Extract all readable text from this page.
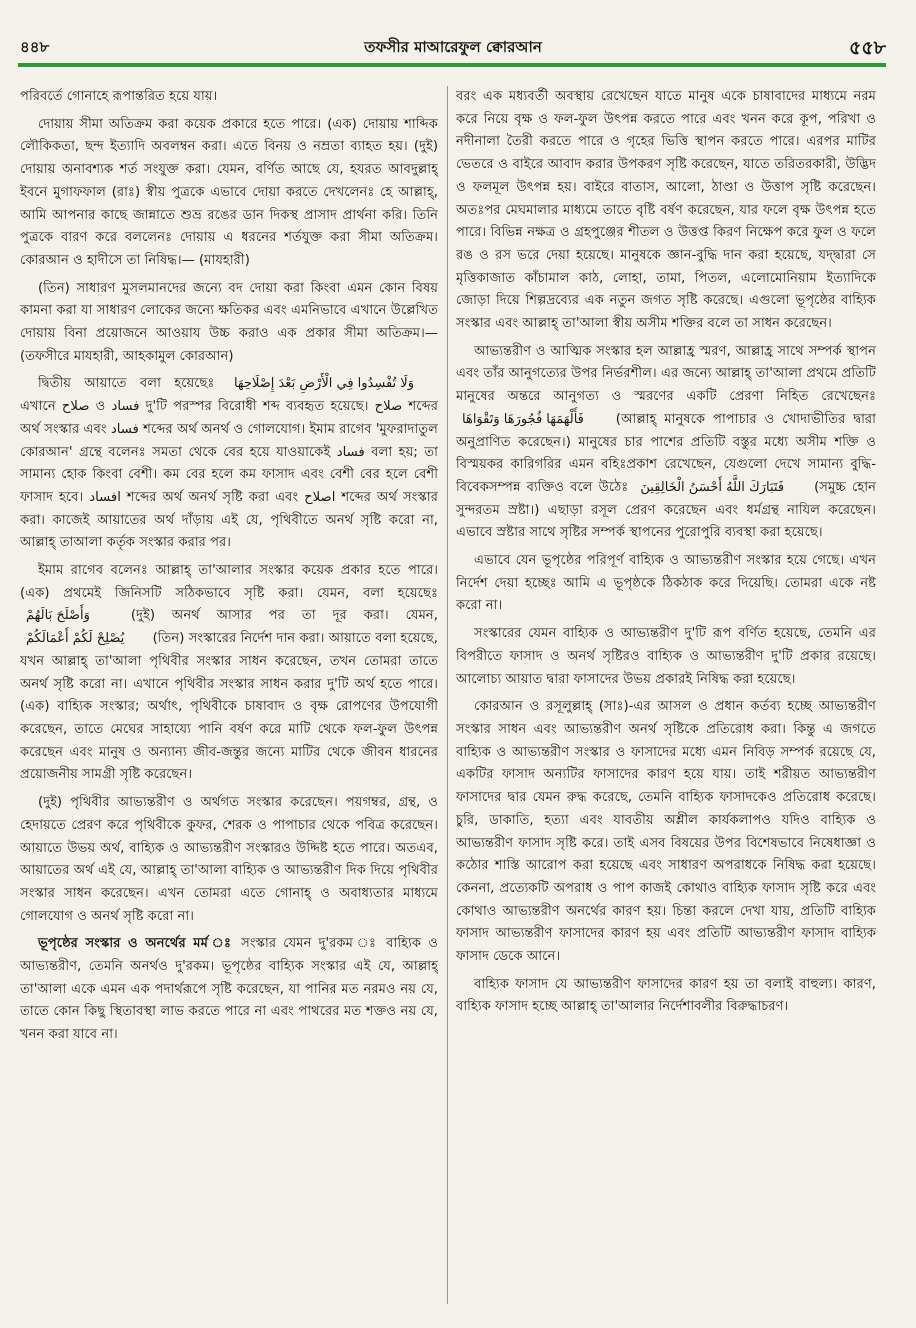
৪৪৮	তফসীর মাআরেফুল ক্বোরআন	৫৫৮

পরিবর্তে গোনাহে রূপান্তরিত হয়ে যায়।

দোয়ায় সীমা অতিক্রম করা কয়েক প্রকারে হতে পারে। (এক) দোয়ায় শাব্দিক লৌকিকতা, ছন্দ ইত্যাদি অবলম্বন করা। এতে বিনয় ও নম্রতা ব্যাহত হয়। (দুই) দোয়ায় অনাবশ্যক শর্ত সংযুক্ত করা। যেমন, বর্ণিত আছে যে, হযরত আবদুল্লাহ্ ইবনে মুগাফফাল (রাঃ) স্বীয় পুত্রকে এভাবে দোয়া করতে দেখলেনঃ হে আল্লাহ্, আমি আপনার কাছে জান্নাতে শুভ্র রঙের ডান দিকস্থ প্রাসাদ প্রার্থনা করি। তিনি পুত্রকে বারণ করে বললেনঃ দোয়ায় এ ধরনের শর্তযুক্ত করা সীমা অতিক্রম। কোরআন ও হাদীসে তা নিষিদ্ধ।— (মাযহারী)

(তিন) সাধারণ মুসলমানদের জন্যে বদ দোয়া করা কিংবা এমন কোন বিষয় কামনা করা যা সাধারণ লোকের জন্যে ক্ষতিকর এবং এমনিভাবে এখানে উল্লেখিত দোয়ায় বিনা প্রয়োজনে আওয়ায উচ্চ করাও এক প্রকার সীমা অতিক্রম।— (তফসীরে মাযহারী, আহকামুল কোরআন)

দ্বিতীয় আয়াতে বলা হয়েছেঃ وَلَا تُفْسِدُوا فِي الْأَرْضِ بَعْدَ إِصْلَاحِهَا এখানে صلاح ও فساد দু'টি পরস্পর বিরোধী শব্দ ব্যবহৃত হয়েছে। صلاح শব্দের অর্থ সংস্কার এবং فساد শব্দের অর্থ অনর্থ ও গোলযোগ। ইমাম রাগেব 'মুফরাদাতুল কোরআন' গ্রন্থে বলেনঃ সমতা থেকে বের হয়ে যাওয়াকেই فساد বলা হয়; তা সামান্য হোক কিংবা বেশী। কম বের হলে কম ফাসাদ এবং বেশী বের হলে বেশী ফাসাদ হবে। افساد শব্দের অর্থ অনর্থ সৃষ্টি করা এবং اصلاح শব্দের অর্থ সংস্কার করা। কাজেই আয়াতের অর্থ দাঁড়ায় এই যে, পৃথিবীতে অনর্থ সৃষ্টি করো না, আল্লাহ্ তাআলা কর্তৃক সংস্কার করার পর।

ইমাম রাগেব বলেনঃ আল্লাহ্ তা'আলার সংস্কার কয়েক প্রকার হতে পারে। (এক) প্রথমেই জিনিসটি সঠিকভাবে সৃষ্টি করা। যেমন, বলা হয়েছেঃ وَأَصْلَحَ بَالَهُمْ	(দুই) অনর্থ আসার পর তা দূর করা। যেমন, يُصْلِحْ لَكُمْ أَعْمَالَكُمْ (তিন) সংস্কারের নির্দেশ দান করা। আয়াতে বলা হয়েছে, যখন আল্লাহ্ তা'আলা পৃথিবীর সংস্কার সাধন করেছেন, তখন তোমরা তাতে অনর্থ সৃষ্টি করো না। এখানে পৃথিবীর সংস্কার সাধন করার দু'টি অর্থ হতে পারে। (এক) বাহ্যিক সংস্কার; অর্থাৎ, পৃথিবীকে চাষাবাদ ও বৃক্ষ রোপণের উপযোগী করেছেন, তাতে মেঘের সাহায্যে পানি বর্ষণ করে মাটি থেকে ফল-ফুল উৎপন্ন করেছেন এবং মানুষ ও অন্যান্য জীব-জন্তুর জন্যে মাটির থেকে জীবন ধারনের প্রয়োজনীয় সামগ্রী সৃষ্টি করেছেন।

(দুই) পৃথিবীর আভ্যন্তরীণ ও অর্থগত সংস্কার করেছেন। পয়গম্বর, গ্রন্থ, ও হেদায়তে প্রেরণ করে পৃথিবীকে কুফর, শেরক ও পাপাচার থেকে পবিত্র করেছেন। আয়াতে উভয় অর্থ, বাহ্যিক ও আভ্যন্তরীণ সংস্কারও উদ্দিষ্ট হতে পারে। অতএব, আয়াতের অর্থ এই যে, আল্লাহ্ তা'আলা বাহ্যিক ও আভ্যন্তরীণ দিক দিয়ে পৃথিবীর সংস্কার সাধন করেছেন। এখন তোমরা এতে গোনাহ্ ও অবাধ্যতার মাধ্যমে গোলযোগ ও অনর্থ সৃষ্টি করো না।

ভূপৃষ্ঠের সংস্কার ও অনর্থের মর্ম ঃ সংস্কার যেমন দু'রকম ঃ বাহ্যিক ও আভ্যন্তরীণ, তেমনি অনর্থও দু'রকম। ভূপৃষ্ঠের বাহ্যিক সংস্কার এই যে, আল্লাহ্ তা'আলা একে এমন এক পদার্থরূপে সৃষ্টি করেছেন, যা পানির মত নরমও নয় যে, তাতে কোন কিছু স্থিতাবস্থা লাভ করতে পারে না এবং পাথরের মত শক্তও নয় যে, খনন করা যাবে না।

বরং এক মধ্যবর্তী অবস্থায় রেখেছেন যাতে মানুষ একে চাষাবাদের মাধ্যমে নরম করে নিয়ে বৃক্ষ ও ফল-ফুল উৎপন্ন করতে পারে এবং খনন করে কূপ, পরিখা ও নদীনালা তৈরী করতে পারে ও গৃহের ভিত্তি স্থাপন করতে পারে। এরপর মাটির ভেতরে ও বাইরে আবাদ করার উপকরণ সৃষ্টি করেছেন, যাতে তরিতরকারী, উদ্ভিদ ও ফলমূল উৎপন্ন হয়। বাইরে বাতাস, আলো, ঠাণ্ডা ও উত্তাপ সৃষ্টি করেছেন। অতঃপর মেঘমালার মাধ্যমে তাতে বৃষ্টি বর্ষণ করেছেন, যার ফলে বৃক্ষ উৎপন্ন হতে পারে। বিভিন্ন নক্ষত্র ও গ্রহপুঞ্জের শীতল ও উত্তপ্ত কিরণ নিক্ষেপ করে ফুল ও ফলে রঙ ও রস ভরে দেয়া হয়েছে। মানুষকে জ্ঞান-বুদ্ধি দান করা হয়েছে, যদ্দ্বারা সে মৃত্তিকাজাত কাঁচামাল কাঠ, লোহা, তামা, পিতল, এলোমোনিয়াম ইত্যাদিকে জোড়া দিয়ে শিল্পদ্রব্যের এক নতুন জগত সৃষ্টি করেছে। এগুলো ভূপৃষ্ঠের বাহ্যিক সংস্কার এবং আল্লাহ্ তা'আলা স্বীয় অসীম শক্তির বলে তা সাধন করেছেন।

আভ্যন্তরীণ ও আত্মিক সংস্কার হল আল্লাহ্র স্মরণ, আল্লাহ্র সাথে সম্পর্ক স্থাপন এবং তাঁর আনুগত্যের উপর নির্ভরশীল। এর জন্যে আল্লাহ্ তা'আলা প্রথমে প্রতিটি মানুষের অন্তরে আনুগত্য ও স্মরণের একটি প্রেরণা নিহিত রেখেছেনঃ فَأَلْهَمَهَا فُجُورَهَا وَتَقْوَاهَا (আল্লাহ্ মানুষকে পাপাচার ও খোদাভীতির দ্বারা অনুপ্রাণিত করেছেন।) মানুষের চার পাশের প্রতিটি বস্তুর মধ্যে অসীম শক্তি ও বিস্ময়কর কারিগরির এমন বহিঃপ্রকাশ রেখেছেন, যেগুলো দেখে সামান্য বুদ্ধি-বিবেকসম্পন্ন ব্যক্তিও বলে উঠেঃ فَتَبَارَكَ اللَّهُ أَحْسَنُ الْخَالِقِينَ (সমুচ্চ হোন সুন্দরতম স্রষ্টা।) এছাড়া রসূল প্রেরণ করেছেন এবং ধর্মগ্রন্থ নাযিল করেছেন। এভাবে স্রষ্টার সাথে সৃষ্টির সম্পর্ক স্থাপনের পুরোপুরি ব্যবস্থা করা হয়েছে।

এভাবে যেন ভূপৃষ্ঠের পরিপূর্ণ বাহ্যিক ও আভ্যন্তরীণ সংস্কার হয়ে গেছে। এখন নির্দেশ দেয়া হচ্ছেঃ আমি এ ভূপৃষ্ঠকে ঠিকঠাক করে দিয়েছি। তোমরা একে নষ্ট করো না।

সংস্কারের যেমন বাহ্যিক ও আভ্যন্তরীণ দু'টি রূপ বর্ণিত হয়েছে, তেমনি এর বিপরীতে ফাসাদ ও অনর্থ সৃষ্টিরও বাহ্যিক ও আভ্যন্তরীণ দু'টি প্রকার রয়েছে। আলোচ্য আয়াত দ্বারা ফাসাদের উভয় প্রকারই নিষিদ্ধ করা হয়েছে।

কোরআন ও রসূলুল্লাহ্ (সাঃ)-এর আসল ও প্রধান কর্তব্য হচ্ছে আভ্যন্তরীণ সংস্কার সাধন এবং আভ্যন্তরীণ অনর্থ সৃষ্টিকে প্রতিরোধ করা। কিন্তু এ জগতে বাহ্যিক ও আভ্যন্তরীণ সংস্কার ও ফাসাদের মধ্যে এমন নিবিড় সম্পর্ক রয়েছে যে, একটির ফাসাদ অন্যটির ফাসাদের কারণ হয়ে যায়। তাই শরীয়ত আভ্যন্তরীণ ফাসাদের দ্বার যেমন রুদ্ধ করেছে, তেমনি বাহ্যিক ফাসাদকেও প্রতিরোধ করেছে। চুরি, ডাকাতি, হত্যা এবং যাবতীয় অশ্লীল কার্যকলাপও যদিও বাহ্যিক ও আভ্যন্তরীণ ফাসাদ সৃষ্টি করে। তাই এসব বিষয়ের উপর বিশেষভাবে নিষেধাজ্ঞা ও কঠোর শাস্তি আরোপ করা হয়েছে এবং সাধারণ অপরাধকে নিষিদ্ধ করা হয়েছে। কেননা, প্রত্যেকটি অপরাধ ও পাপ কাজই কোথাও বাহ্যিক ফাসাদ সৃষ্টি করে এবং কোথাও আভ্যন্তরীণ অনর্থের কারণ হয়। চিন্তা করলে দেখা যায়, প্রতিটি বাহ্যিক ফাসাদ আভ্যন্তরীণ ফাসাদের কারণ হয় এবং প্রতিটি আভ্যন্তরীণ ফাসাদ বাহ্যিক ফাসাদ ডেকে আনে।

বাহ্যিক ফাসাদ যে আভ্যন্তরীণ ফাসাদের কারণ হয় তা বলাই বাহুল্য। কারণ, বাহ্যিক ফাসাদ হচ্ছে আল্লাহ্ তা'আলার নির্দেশাবলীর বিরুদ্ধাচরণ।
